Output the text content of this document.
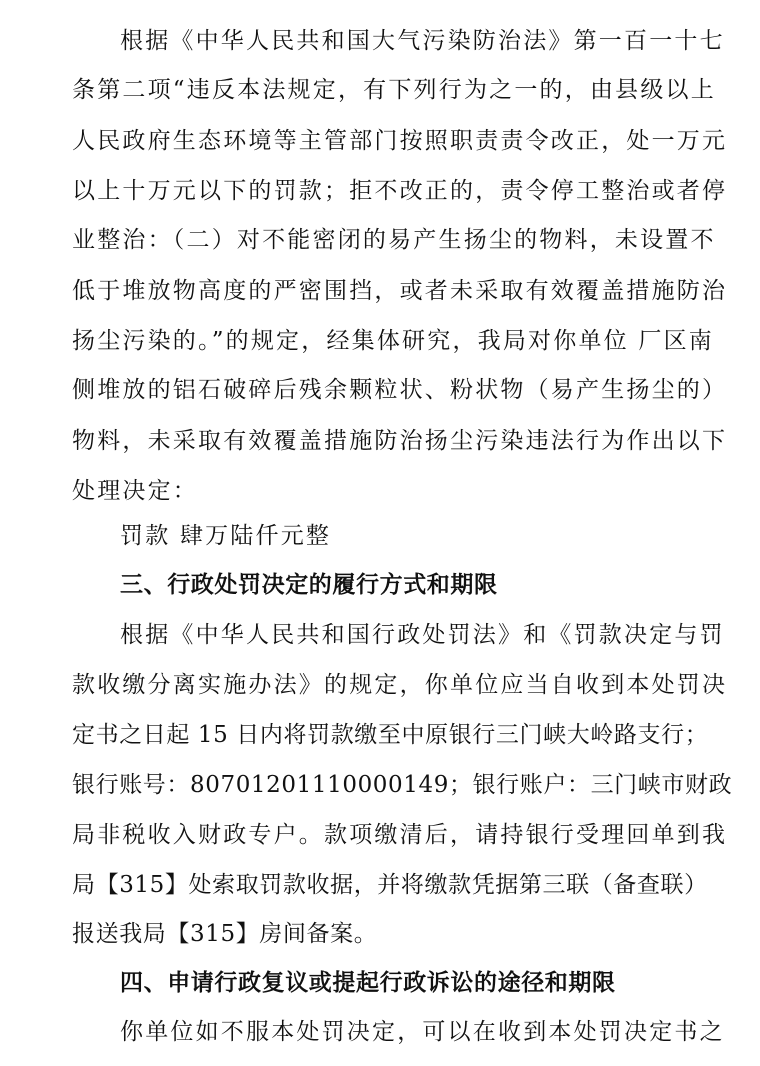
根据《中华人民共和国大气污染防治法》第一百一十七
条第二项“违反本法规定，有下列行为之一的，由县级以上
人民政府生态环境等主管部门按照职责责令改正，处一万元
以上十万元以下的罚款；拒不改正的，责令停工整治或者停
业整治：（二）对不能密闭的易产生扬尘的物料，未设置不
低于堆放物高度的严密围挡，或者未采取有效覆盖措施防治
扬尘污染的。”的规定，经集体研究，我局对你单位 厂区南
侧堆放的铝石破碎后残余颗粒状、粉状物（易产生扬尘的）
物料，未采取有效覆盖措施防治扬尘污染违法行为作出以下
处理决定：
罚款 肆万陆仟元整
三、行政处罚决定的履行方式和期限
根据《中华人民共和国行政处罚法》和《罚款决定与罚
款收缴分离实施办法》的规定，你单位应当自收到本处罚决
定书之日起 15 日内将罚款缴至中原银行三门峡大岭路支行；
银行账号：80701201110000149；银行账户：三门峡市财政
局非税收入财政专户。款项缴清后，请持银行受理回单到我
局【315】处索取罚款收据，并将缴款凭据第三联（备查联）
报送我局【315】房间备案。
四、申请行政复议或提起行政诉讼的途径和期限
你单位如不服本处罚决定，可以在收到本处罚决定书之
